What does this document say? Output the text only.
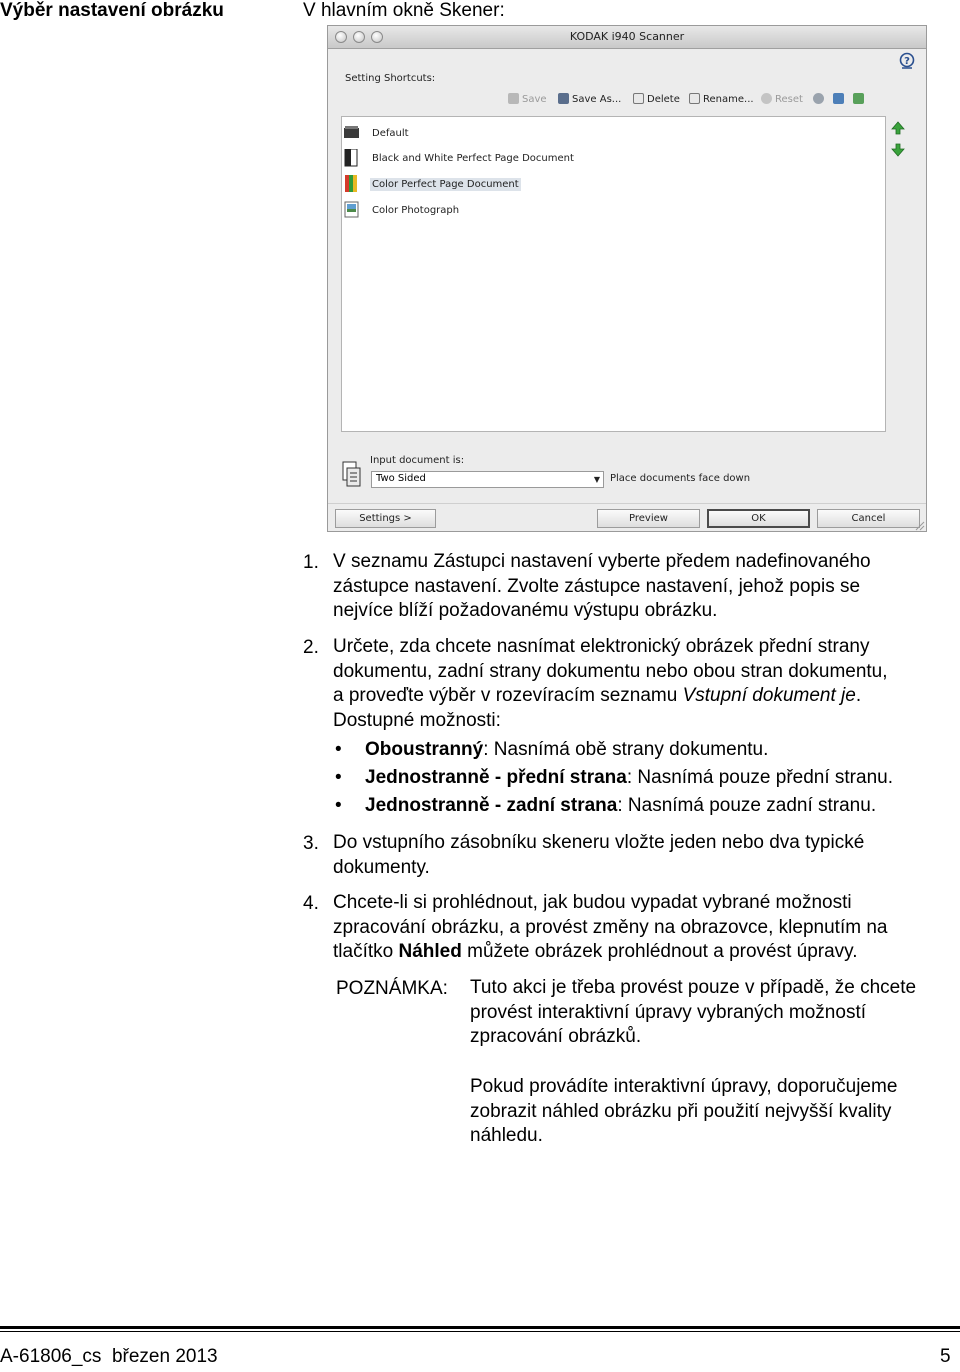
Výběr nastavení obrázku	V hlavním okně Skener:
KODAK i940 Scanner
?
Setting Shortcuts:
Save	Save As...	Delete	Rename...	Reset
Default
Black and White Perfect Page Document
Color Perfect Page Document
Color Photograph
Input document is:
Two Sided	▼ Place documents face down
Settings >	Preview	OK	Cancel
1. V seznamu Zástupci nastavení vyberte předem nadefinovaného

zástupce nastavení. Zvolte zástupce nastavení, jehož popis se

nejvíce blíží požadovanému výstupu obrázku.

2. Určete, zda chcete nasnímat elektronický obrázek přední strany

dokumentu, zadní strany dokumentu nebo obou stran dokumentu,

a proveďte výběr v rozevíracím seznamu Vstupní dokument je.

Dostupné možnosti:

• Oboustranný: Nasnímá obě strany dokumentu.
• Jednostranně - přední strana: Nasnímá pouze přední stranu.
• Jednostranně - zadní strana: Nasnímá pouze zadní stranu.
3. Do vstupního zásobníku skeneru vložte jeden nebo dva typické

dokumenty.

4. Chcete-li si prohlédnout, jak budou vypadat vybrané možnosti

zpracování obrázku, a provést změny na obrazovce, klepnutím na

tlačítko Náhled můžete obrázek prohlédnout a provést úpravy.

POZNÁMKA: Tuto akci je třeba provést pouze v případě, že chcete

provést interaktivní úpravy vybraných možností

zpracování obrázků.

Pokud provádíte interaktivní úpravy, doporučujeme

zobrazit náhled obrázku při použití nejvyšší kvality

náhledu.

A-61806_cs  březen 2013	5
